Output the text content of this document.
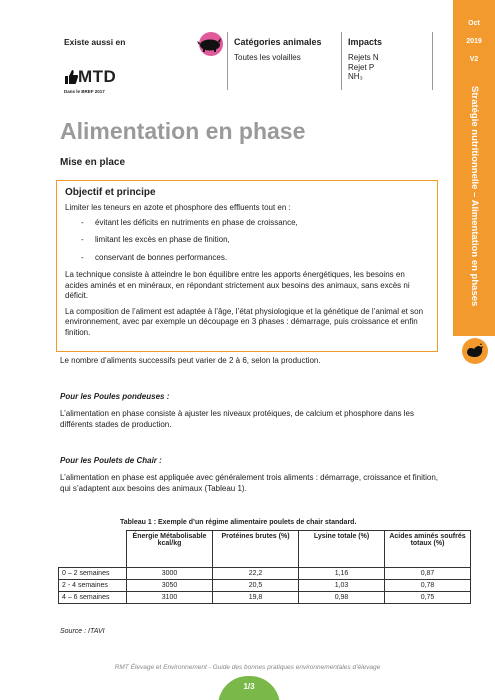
Existe aussi en
MTD
Dans le BREF 2017
Catégories animales
Toutes les volailles
Impacts
Rejets N
Rejet P
NH₃
Oct
2019
V2
Stratégie nutritionnelle – Alimentation en phases
Alimentation en phase
Mise en place
Objectif et principe
Limiter les teneurs en azote et phosphore des effluents tout en :
- évitant les déficits en nutriments en phase de croissance,
- limitant les excès en phase de finition,
- conservant de bonnes performances.
La technique consiste à atteindre le bon équilibre entre les apports énergétiques, les besoins en acides aminés et en minéraux, en répondant strictement aux besoins des animaux, sans excès ni déficit.
La composition de l’aliment est adaptée à l’âge, l’état physiologique et la génétique de l’animal et son environnement, avec par exemple un découpage en 3 phases : démarrage, puis croissance et enfin finition.
Le nombre d’aliments successifs peut varier de 2 à 6, selon la production.
Pour les Poules pondeuses :
L’alimentation en phase consiste à ajuster les niveaux protéiques, de calcium et phosphore dans les différents stades de production.
Pour les Poulets de Chair :
L’alimentation en phase est appliquée avec généralement trois aliments : démarrage, croissance et finition, qui s’adaptent aux besoins des animaux (Tableau 1).
Tableau 1 : Exemple d’un régime alimentaire poulets de chair standard.
	Énergie Métabolisable kcal/kg	Protéines brutes (%)	Lysine totale (%)	Acides aminés soufrés totaux (%)
0 – 2 semaines	3000	22,2	1,16	0,87
2 - 4 semaines	3050	20,5	1,03	0,78
4 – 6 semaines	3100	19,8	0,98	0,75
Source : ITAVI
RMT Élevage et Environnement - Guide des bonnes pratiques environnementales d’élevage
1/3
